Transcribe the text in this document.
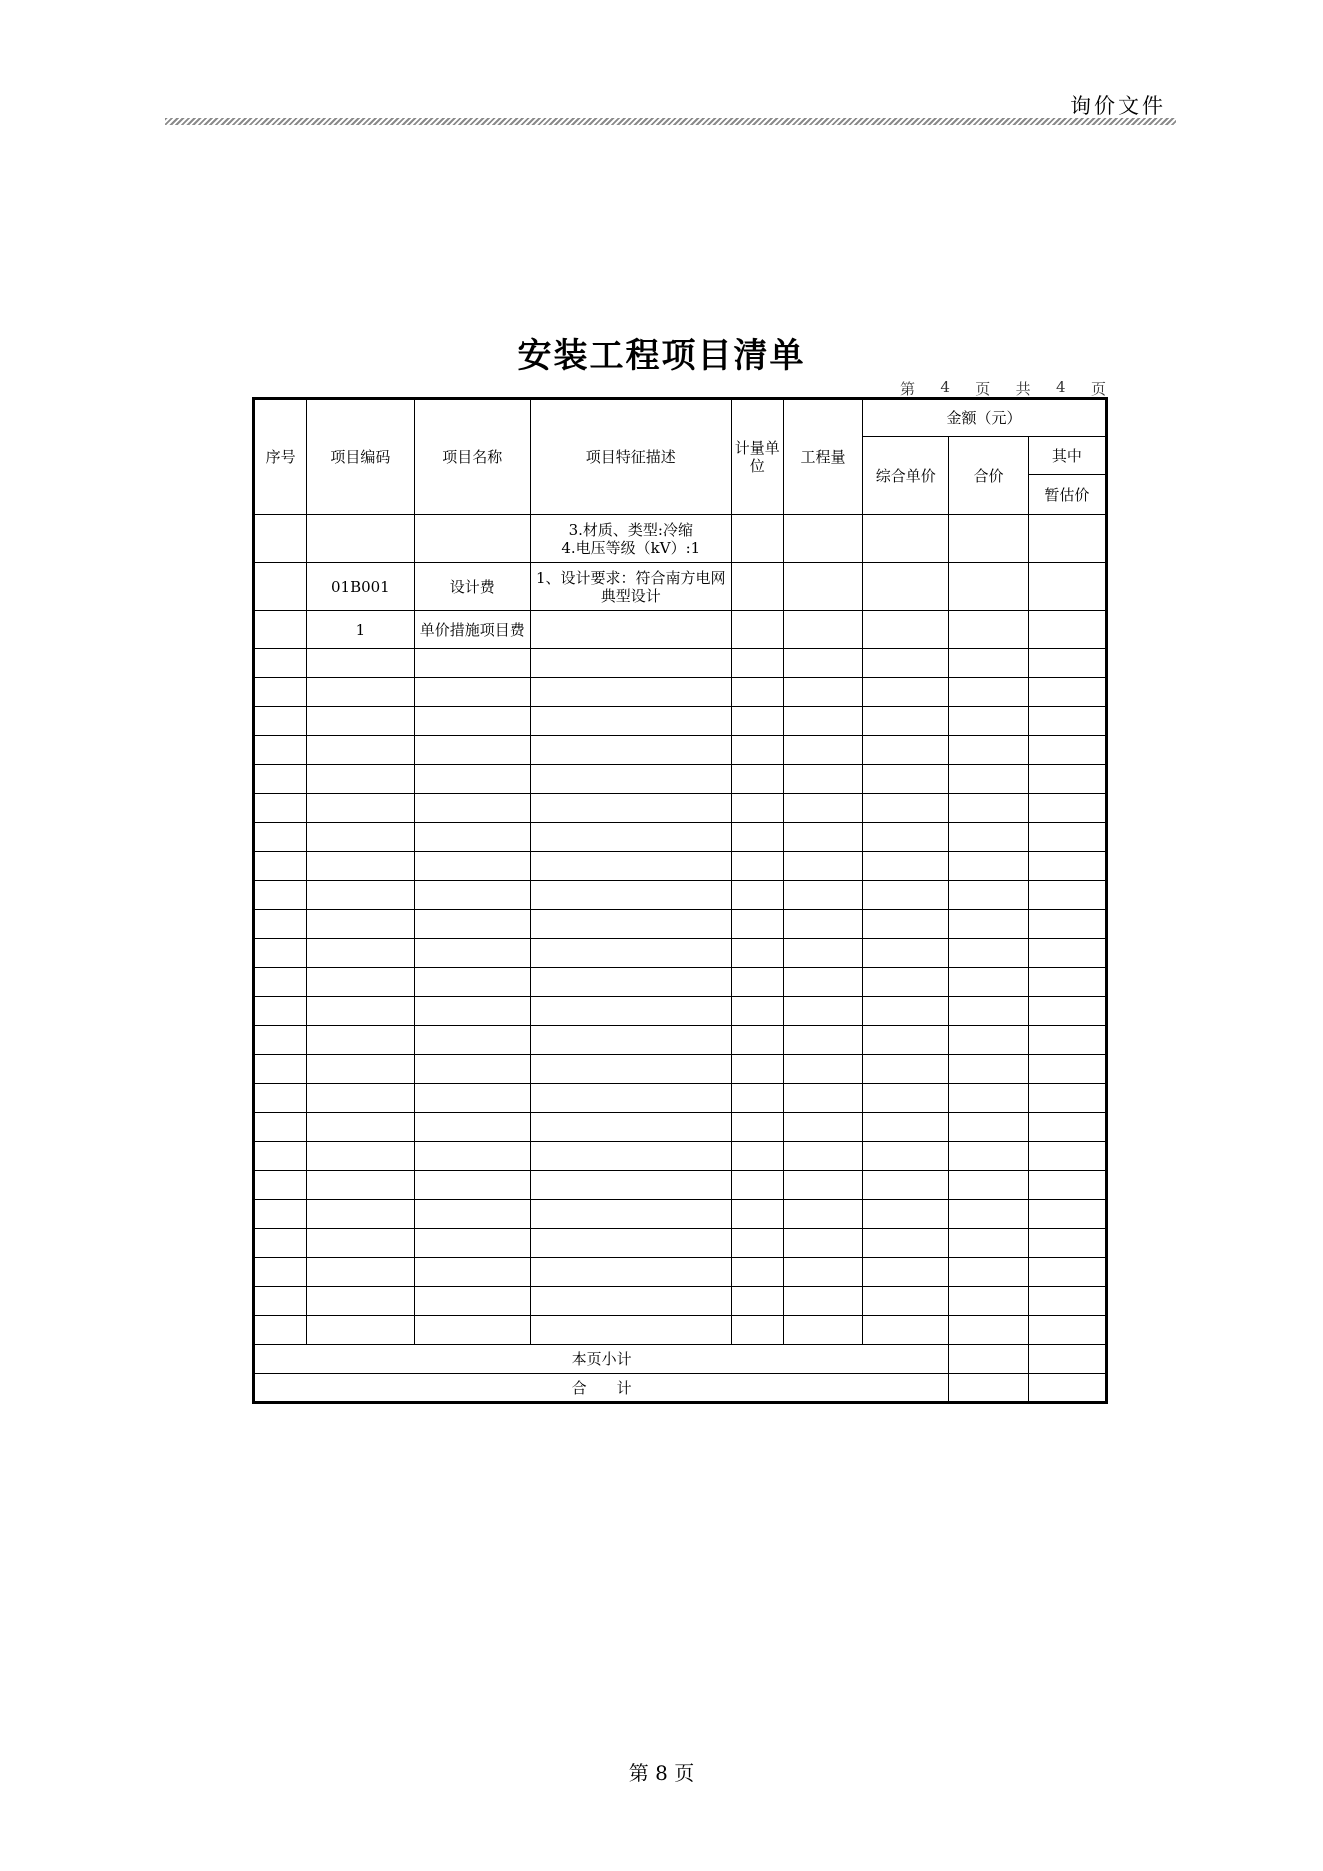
询价文件
安装工程项目清单
第 4 页 共 4 页
序号	项目编码	项目名称	项目特征描述	计量单位	工程量	金额（元）		
						综合单价	合价	其中
								暂估价
			3.材质、类型:冷缩
4.电压等级（kV）:1					
	01B001	设计费	1、设计要求：符合南方电网典型设计					
	1	单价措施项目费						

本页小计								
合　　计								
第 8 页
